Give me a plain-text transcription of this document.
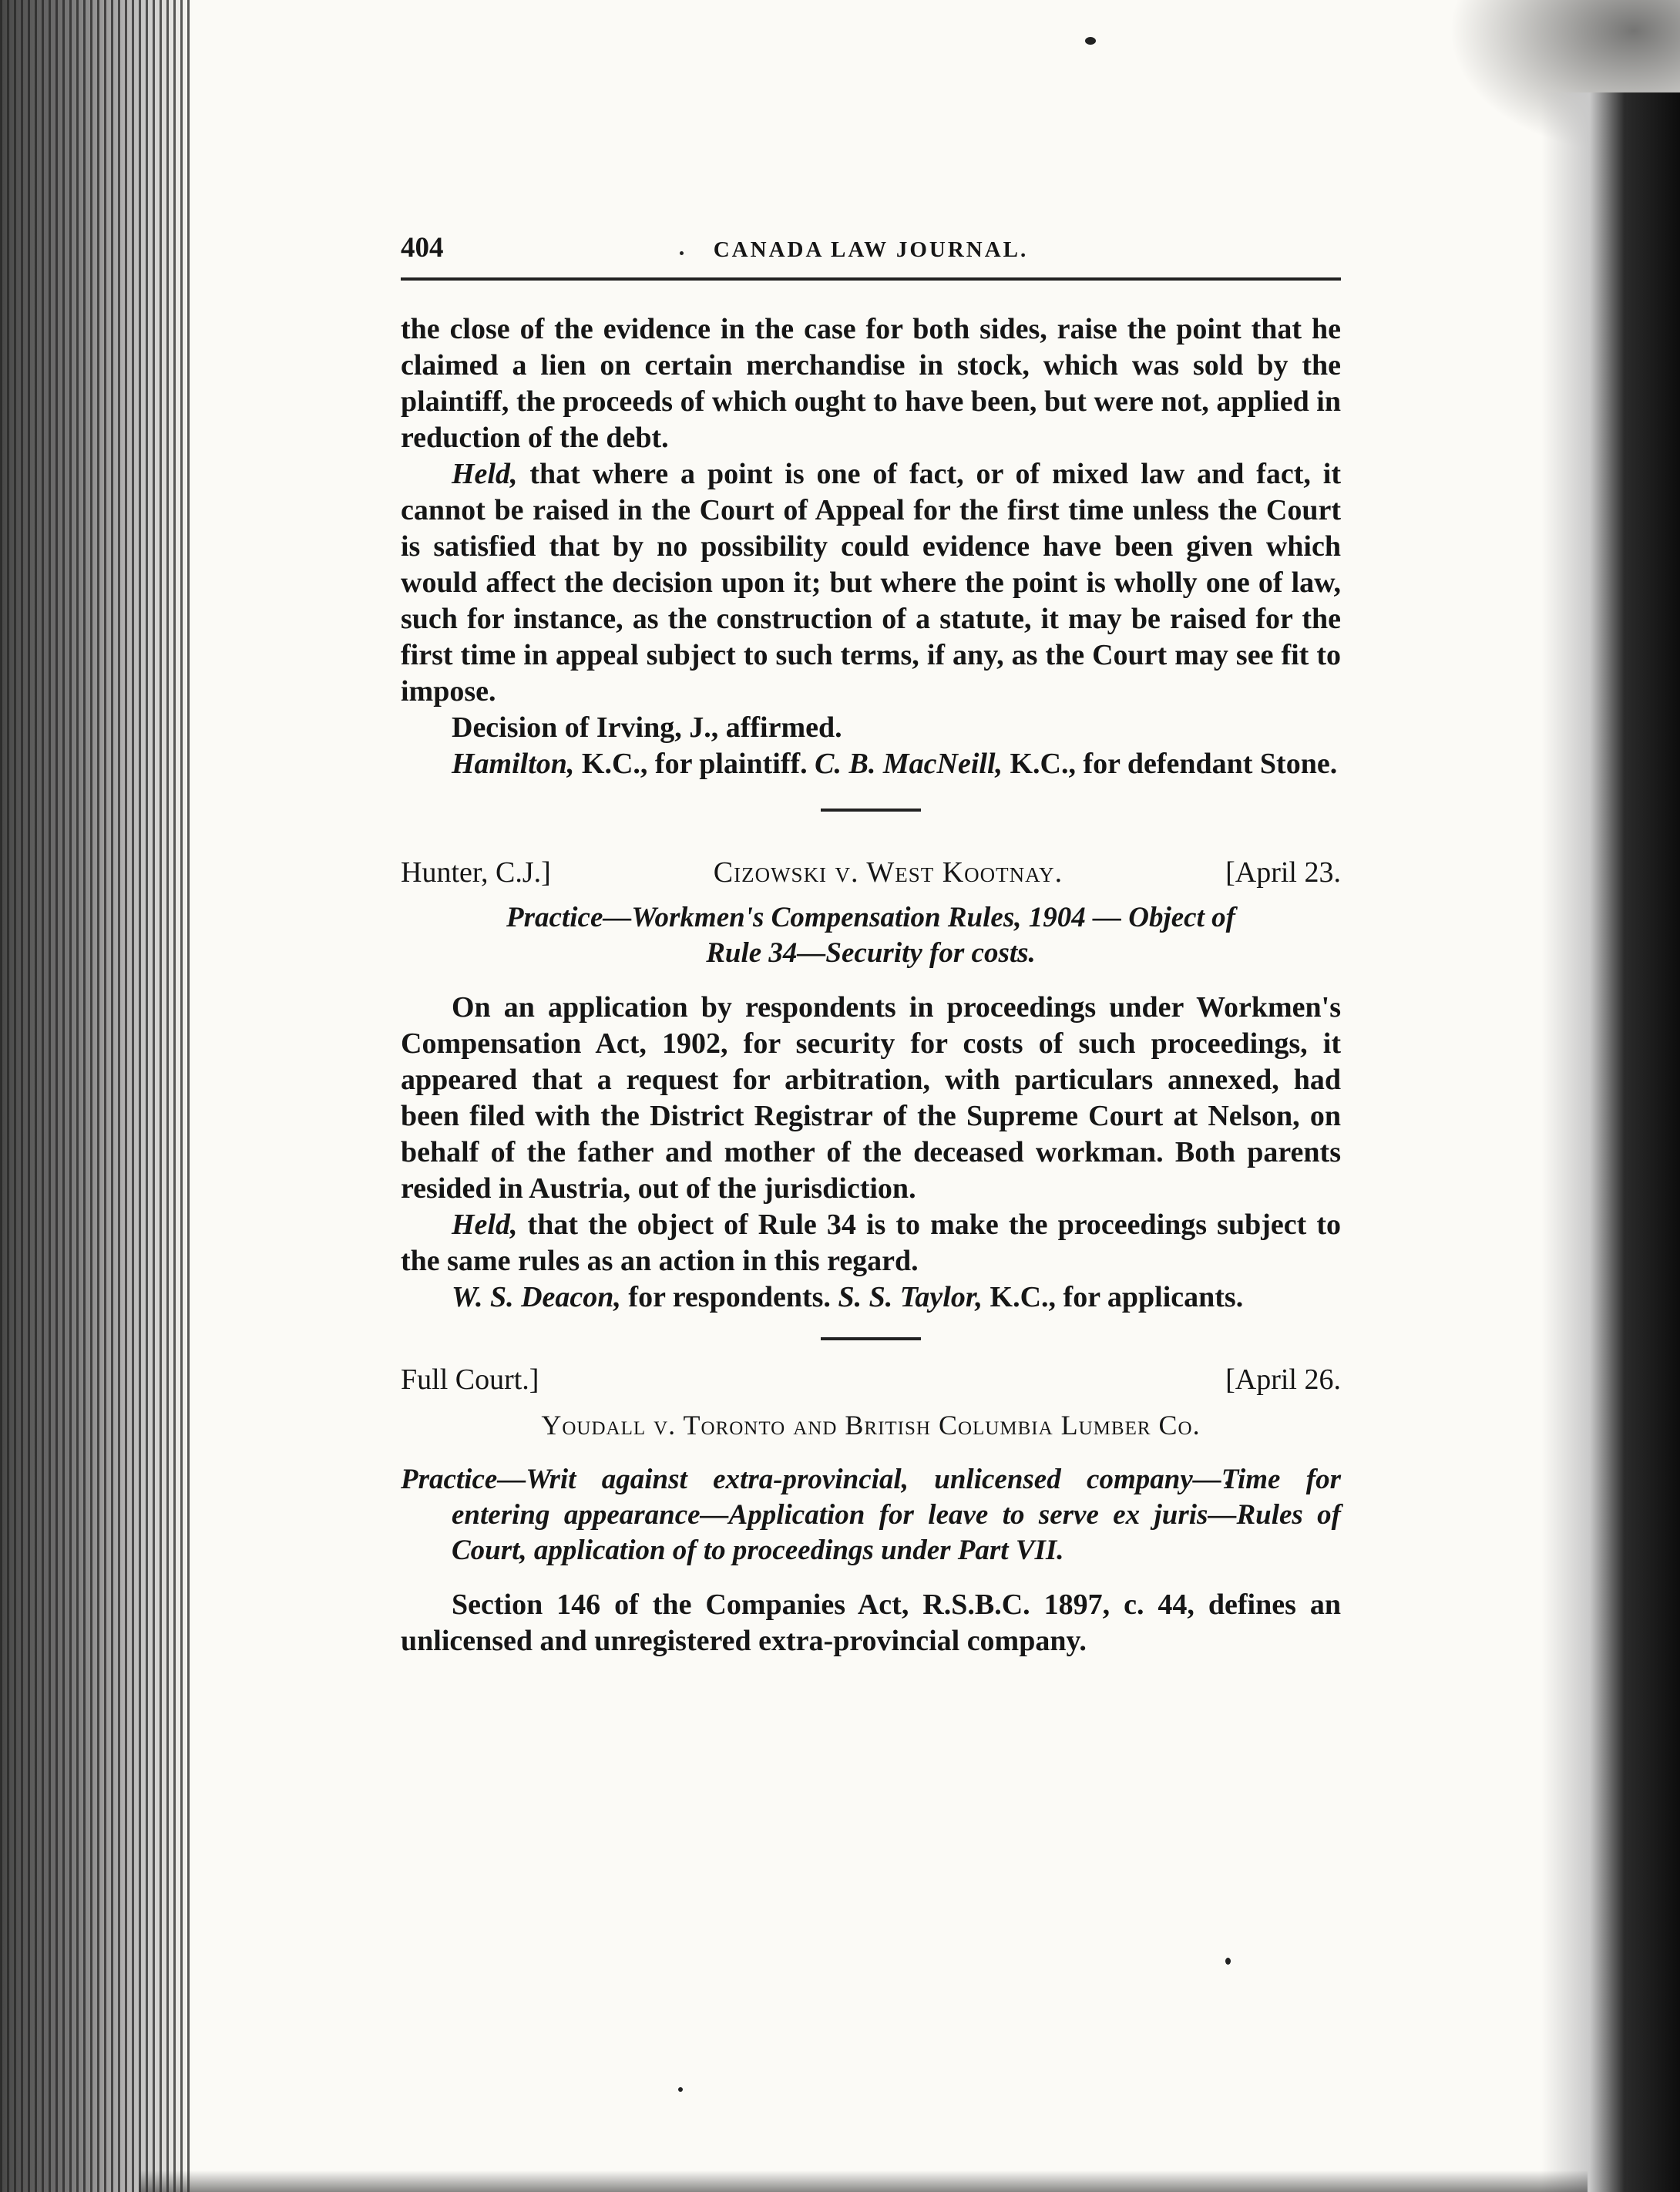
404	CANADA LAW JOURNAL.

the close of the evidence in the case for both sides, raise the point that he claimed a lien on certain merchandise in stock, which was sold by the plaintiff, the proceeds of which ought to have been, but were not, applied in reduction of the debt.

Held, that where a point is one of fact, or of mixed law and fact, it cannot be raised in the Court of Appeal for the first time unless the Court is satisfied that by no possibility could evidence have been given which would affect the decision upon it; but where the point is wholly one of law, such for instance, as the construction of a statute, it may be raised for the first time in appeal subject to such terms, if any, as the Court may see fit to impose.

Decision of Irving, J., affirmed.

Hamilton, K.C., for plaintiff. C. B. MacNeill, K.C., for defendant Stone.

Hunter, C.J.]	Cizowski v. West Kootnay.	[April 23.
Practice—Workmen's Compensation Rules, 1904 — Object of
Rule 34—Security for costs.

On an application by respondents in proceedings under Workmen's Compensation Act, 1902, for security for costs of such proceedings, it appeared that a request for arbitration, with particulars annexed, had been filed with the District Registrar of the Supreme Court at Nelson, on behalf of the father and mother of the deceased workman. Both parents resided in Austria, out of the jurisdiction.

Held, that the object of Rule 34 is to make the proceedings subject to the same rules as an action in this regard.

W. S. Deacon, for respondents. S. S. Taylor, K.C., for applicants.

Full Court.]	[April 26.
Youdall v. Toronto and British Columbia Lumber Co.
Practice—Writ against extra-provincial, unlicensed company—Time for entering appearance—Application for leave to serve ex juris—Rules of Court, application of to proceedings under Part VII.

Section 146 of the Companies Act, R.S.B.C. 1897, c. 44, defines an unlicensed and unregistered extra-provincial company.
